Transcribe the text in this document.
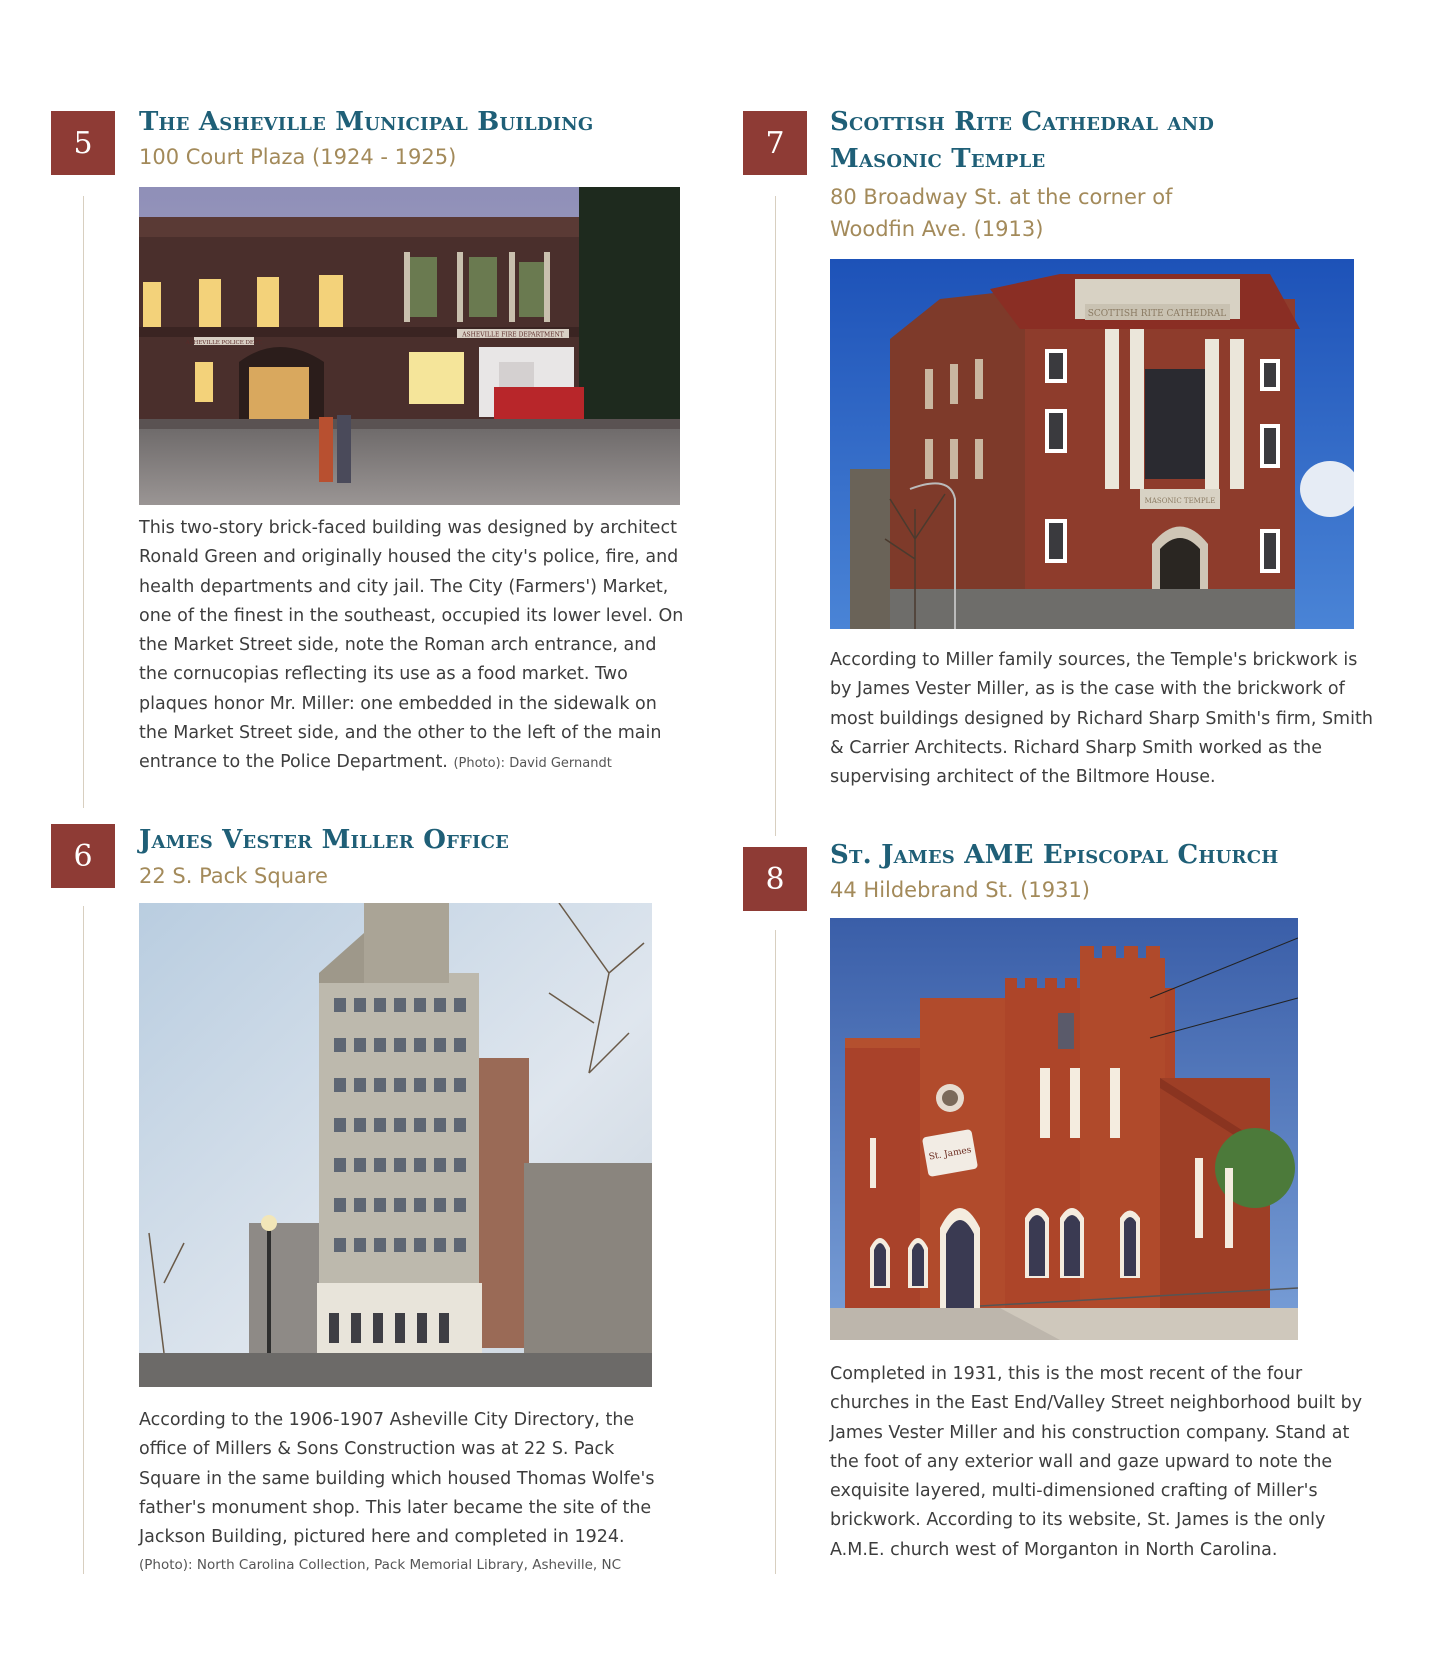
5
The Asheville Municipal Building
100 Court Plaza (1924 - 1925)
ASHEVILLE POLICE DEPT.
ASHEVILLE FIRE DEPARTMENT
This two-story brick-faced building was designed by architect Ronald Green and originally housed the city's police, fire, and health departments and city jail. The City (Farmers') Market, one of the finest in the southeast, occupied its lower level. On the Market Street side, note the Roman arch entrance, and the cornucopias reflecting its use as a food market. Two plaques honor Mr. Miller: one embedded in the sidewalk on the Market Street side, and the other to the left of the main entrance to the Police Department. (Photo): David Gernandt
6	James Vester Miller Office
22 S. Pack Square
According to the 1906-1907 Asheville City Directory, the office of Millers & Sons Construction was at 22 S. Pack Square in the same building which housed Thomas Wolfe's father's monument shop. This later became the site of the Jackson Building, pictured here and completed in 1924.
(Photo): North Carolina Collection, Pack Memorial Library, Asheville, NC
7
Scottish Rite Cathedral and
Masonic Temple
80 Broadway St. at the corner of
Woodfin Ave. (1913)
SCOTTISH RITE CATHEDRAL
MASONIC TEMPLE
According to Miller family sources, the Temple's brickwork is by James Vester Miller, as is the case with the brickwork of most buildings designed by Richard Sharp Smith's firm, Smith & Carrier Architects. Richard Sharp Smith worked as the supervising architect of the Biltmore House.
8
St. James AME Episcopal Church
44 Hildebrand St. (1931)
St. James
Completed in 1931, this is the most recent of the four churches in the East End/Valley Street neighborhood built by James Vester Miller and his construction company. Stand at the foot of any exterior wall and gaze upward to note the exquisite layered, multi-dimensioned crafting of Miller's brickwork. According to its website, St. James is the only A.M.E. church west of Morganton in North Carolina.
